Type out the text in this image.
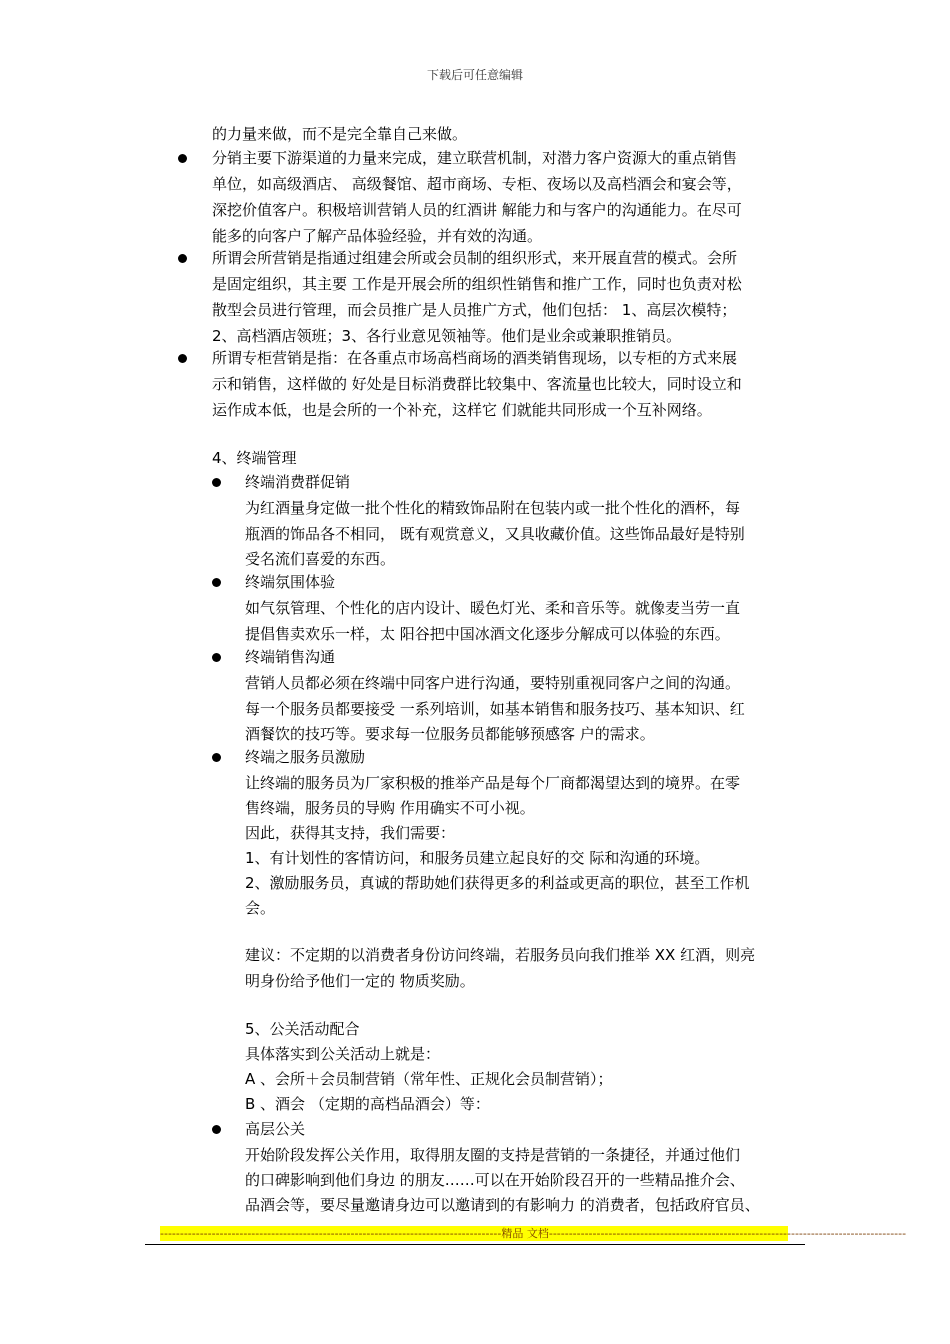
下载后可任意编辑
的力量来做，而不是完全靠自己来做。
分销主要下游渠道的力量来完成，建立联营机制，对潜力客户资源大的重点销售
单位，如高级酒店、 高级餐馆、超市商场、专柜、夜场以及高档酒会和宴会等，
深挖价值客户。积极培训营销人员的红酒讲 解能力和与客户的沟通能力。在尽可
能多的向客户了解产品体验经验，并有效的沟通。
所谓会所营销是指通过组建会所或会员制的组织形式，来开展直营的模式。会所
是固定组织，其主要 工作是开展会所的组织性销售和推广工作，同时也负责对松
散型会员进行管理，而会员推广是人员推广方式，他们包括： 1、高层次模特；
2、高档酒店领班；3、各行业意见领袖等。他们是业余或兼职推销员。
所谓专柜营销是指：在各重点市场高档商场的酒类销售现场，以专柜的方式来展
示和销售，这样做的 好处是目标消费群比较集中、客流量也比较大，同时设立和
运作成本低，也是会所的一个补充，这样它 们就能共同形成一个互补网络。
4、终端管理
终端消费群促销
为红酒量身定做一批个性化的精致饰品附在包装内或一批个性化的酒杯，每
瓶酒的饰品各不相同， 既有观赏意义，又具收藏价值。这些饰品最好是特别
受名流们喜爱的东西。
终端氛围体验
如气氛管理、个性化的店内设计、暖色灯光、柔和音乐等。就像麦当劳一直
提倡售卖欢乐一样，太 阳谷把中国冰酒文化逐步分解成可以体验的东西。
终端销售沟通
营销人员都必须在终端中同客户进行沟通，要特别重视同客户之间的沟通。
每一个服务员都要接受 一系列培训，如基本销售和服务技巧、基本知识、红
酒餐饮的技巧等。要求每一位服务员都能够预感客 户的需求。
终端之服务员激励
让终端的服务员为厂家积极的推举产品是每个厂商都渴望达到的境界。在零
售终端，服务员的导购 作用确实不可小视。
因此，获得其支持，我们需要：
1、有计划性的客情访问，和服务员建立起良好的交 际和沟通的环境。
2、激励服务员，真诚的帮助她们获得更多的利益或更高的职位，甚至工作机
会。
建议：不定期的以消费者身份访问终端，若服务员向我们推举 XX 红酒，则亮
明身份给予他们一定的 物质奖励。
5、公关活动配合
具体落实到公关活动上就是：
A 、会所＋会员制营销（常年性、正规化会员制营销）；
B 、酒会 （定期的高档品酒会）等：
高层公关
开始阶段发挥公关作用，取得朋友圈的支持是营销的一条捷径，并通过他们
的口碑影响到他们身边 的朋友……可以在开始阶段召开的一些精品推介会、
品酒会等，要尽量邀请身边可以邀请到的有影响力 的消费者，包括政府官员、
--------------------------------------------------------------------------------------精品 文档------------------------------------------------------------------------------------------
